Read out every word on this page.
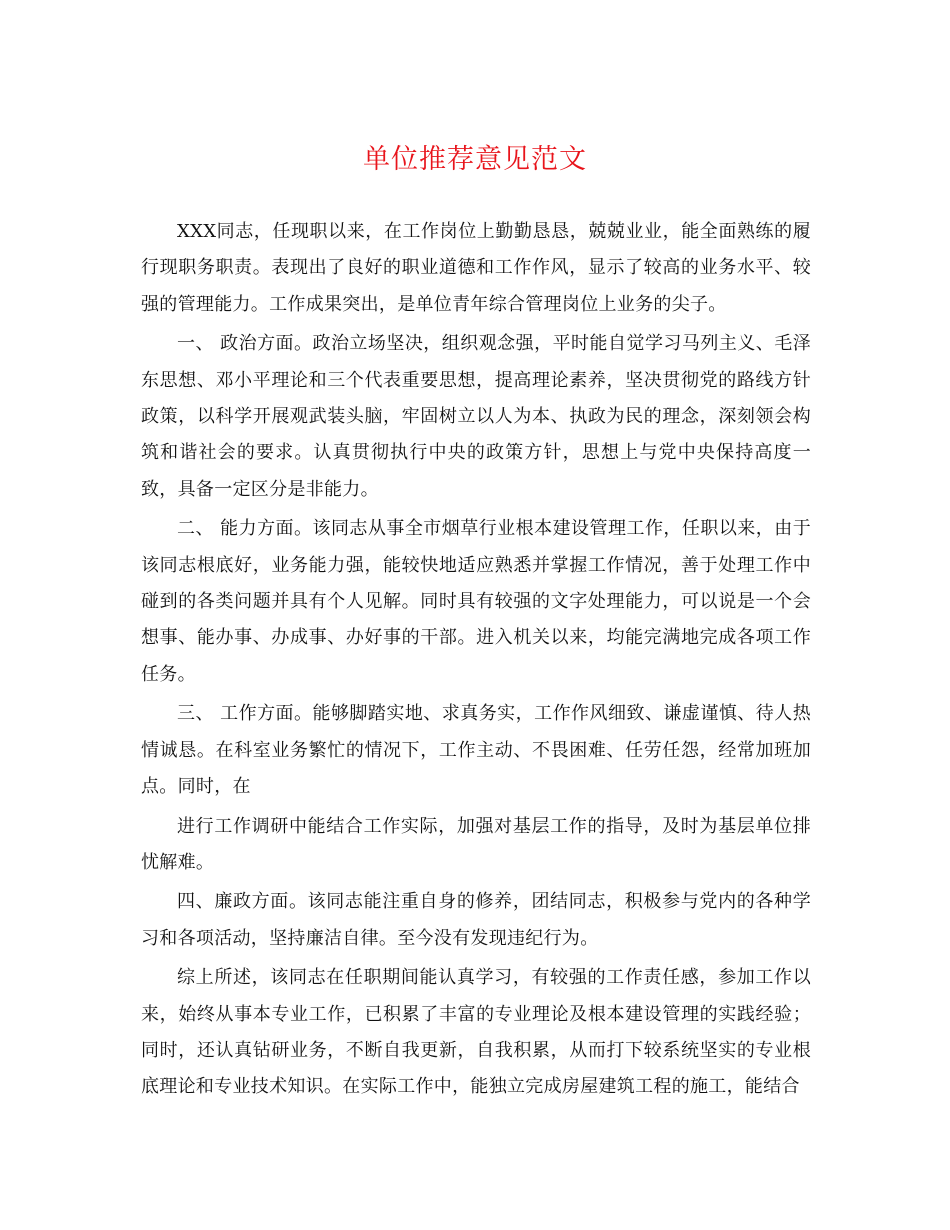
单位推荐意见范文

XXX同志，任现职以来，在工作岗位上勤勤恳恳，兢兢业业，能全面熟练的履行现职务职责。表现出了良好的职业道德和工作作风，显示了较高的业务水平、较强的管理能力。工作成果突出，是单位青年综合管理岗位上业务的尖子。

一、 政治方面。政治立场坚决，组织观念强，平时能自觉学习马列主义、毛泽东思想、邓小平理论和三个代表重要思想，提高理论素养，坚决贯彻党的路线方针政策，以科学开展观武装头脑，牢固树立以人为本、执政为民的理念，深刻领会构筑和谐社会的要求。认真贯彻执行中央的政策方针，思想上与党中央保持高度一致，具备一定区分是非能力。

二、 能力方面。该同志从事全市烟草行业根本建设管理工作，任职以来，由于该同志根底好，业务能力强，能较快地适应熟悉并掌握工作情况，善于处理工作中碰到的各类问题并具有个人见解。同时具有较强的文字处理能力，可以说是一个会想事、能办事、办成事、办好事的干部。进入机关以来，均能完满地完成各项工作任务。

三、 工作方面。能够脚踏实地、求真务实，工作作风细致、谦虚谨慎、待人热情诚恳。在科室业务繁忙的情况下，工作主动、不畏困难、任劳任怨，经常加班加点。同时，在

进行工作调研中能结合工作实际，加强对基层工作的指导，及时为基层单位排忧解难。

四、廉政方面。该同志能注重自身的修养，团结同志，积极参与党内的各种学习和各项活动，坚持廉洁自律。至今没有发现违纪行为。

综上所述，该同志在任职期间能认真学习，有较强的工作责任感，参加工作以来，始终从事本专业工作，已积累了丰富的专业理论及根本建设管理的实践经验；同时，还认真钻研业务，不断自我更新，自我积累，从而打下较系统坚实的专业根底理论和专业技术知识。在实际工作中，能独立完成房屋建筑工程的施工，能结合
